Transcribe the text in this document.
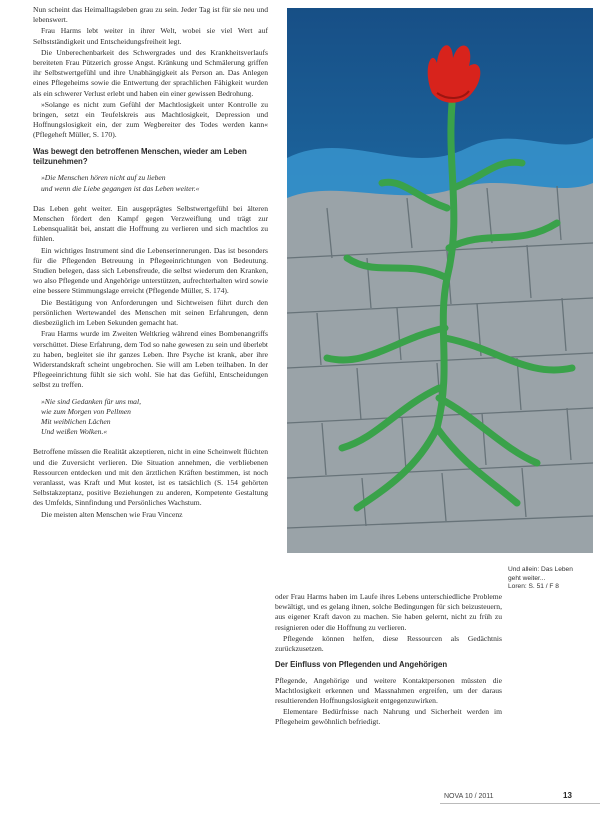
Nun scheint das Heimalltagsleben grau zu sein. Jeder Tag ist für sie neu und lebenswert.

Frau Harms lebt weiter in ihrer Welt, wobei sie viel Wert auf Selbstständigkeit und Entscheidungsfreiheit legt.

Die Unberechenbarkeit des Schwergrades und des Krankheitsverlaufs bereiteten Frau Pützerich grosse Angst. Kränkung und Schmälerung griffen ihr Selbstwertgefühl und ihre Unabhängigkeit als Person an. Das Anlegen eines Pflegeheims sowie die Entwertung der sprachlichen Fähigkeit wurden als ein schwerer Verlust erlebt und haben ein einer gewissen Bedrohung.

»Solange es nicht zum Gefühl der Machtlosigkeit unter Kontrolle zu bringen, setzt ein Teufelskreis aus Machtlosigkeit, Depression und Hoffnungslosigkeit ein, der zum Wegbereiter des Todes werden kann« (Pflegeheft Müller, S. 170).

Was bewegt den betroffenen Menschen, wieder am Leben teilzunehmen?
»Die Menschen hören nicht auf zu lieben
und wenn die Liebe gegangen ist das Leben weiter.«

Das Leben geht weiter. Ein ausgeprägtes Selbstwertgefühl bei älteren Menschen fördert den Kampf gegen Verzweiflung und trägt zur Lebensqualität bei, anstatt die Hoffnung zu verlieren und sich machtlos zu fühlen.

Ein wichtiges Instrument sind die Lebenserinnerungen. Das ist besonders für die Pflegenden Betreuung in Pflegeeinrichtungen von Bedeutung. Studien belegen, dass sich Lebensfreude, die selbst wiederum den Kranken, wo also Pflegende und Angehörige unterstützen, aufrechterhalten wird sowie eine bessere Stimmungslage erreicht (Pflegende Müller, S. 174).

Die Bestätigung von Anforderungen und Sichtweisen führt durch den persönlichen Wertewandel des Menschen mit seinen Erfahrungen, denn diesbezüglich im Leben Sekunden gemacht hat.

Frau Harms wurde im Zweiten Weltkrieg während eines Bombenangriffs verschüttet. Diese Erfahrung, dem Tod so nahe gewesen zu sein und überlebt zu haben, begleitet sie ihr ganzes Leben. Ihre Psyche ist krank, aber ihre Widerstandskraft scheint ungebrochen. Sie will am Leben teilhaben. In der Pflegeeinrichtung fühlt sie sich wohl. Sie hat das Gefühl, Entscheidungen selbst zu treffen.

»Nie sind Gedanken für uns mal,
wie zum Morgen von Pellmen
Mit weiblichen Lächen
Und weißen Wolken.«

Betroffene müssen die Realität akzeptieren, nicht in eine Scheinwelt flüchten und die Zuversicht verlieren. Die Situation annehmen, die verbliebenen Ressourcen entdecken und mit den ärztlichen Kräften bestimmen, ist noch veranlasst, was Kraft und Mut kostet, ist es tatsächlich (S. 154 gehörten Selbstakzeptanz, positive Beziehungen zu anderen, Kompetente Gestaltung des Umfelds, Sinnfindung und Persönliches Wachstum.

Die meisten alten Menschen wie Frau Vincenz

oder Frau Harms haben im Laufe ihres Lebens unterschiedliche Probleme bewältigt, und es gelang ihnen, solche Bedingungen für sich beizusteuern, aus eigener Kraft davon zu machen. Sie haben gelernt, nicht zu früh zu resignieren oder die Hoffnung zu verlieren.

Pflegende können helfen, diese Ressourcen als Gedächtnis zurückzusetzen.

Der Einfluss von Pflegenden und Angehörigen

Pflegende, Angehörige und weitere Kontaktpersonen müssten die Machtlosigkeit erkennen und Massnahmen ergreifen, um der daraus resultierenden Hoffnungslosigkeit entgegenzuwirken.

Elementare Bedürfnisse nach Nahrung und Sicherheit werden im Pflegeheim gewöhnlich befriedigt.

Und allein: Das Leben
geht weiter...
Loren: S. 51 / F 8
NOVA 10 / 2011	13
